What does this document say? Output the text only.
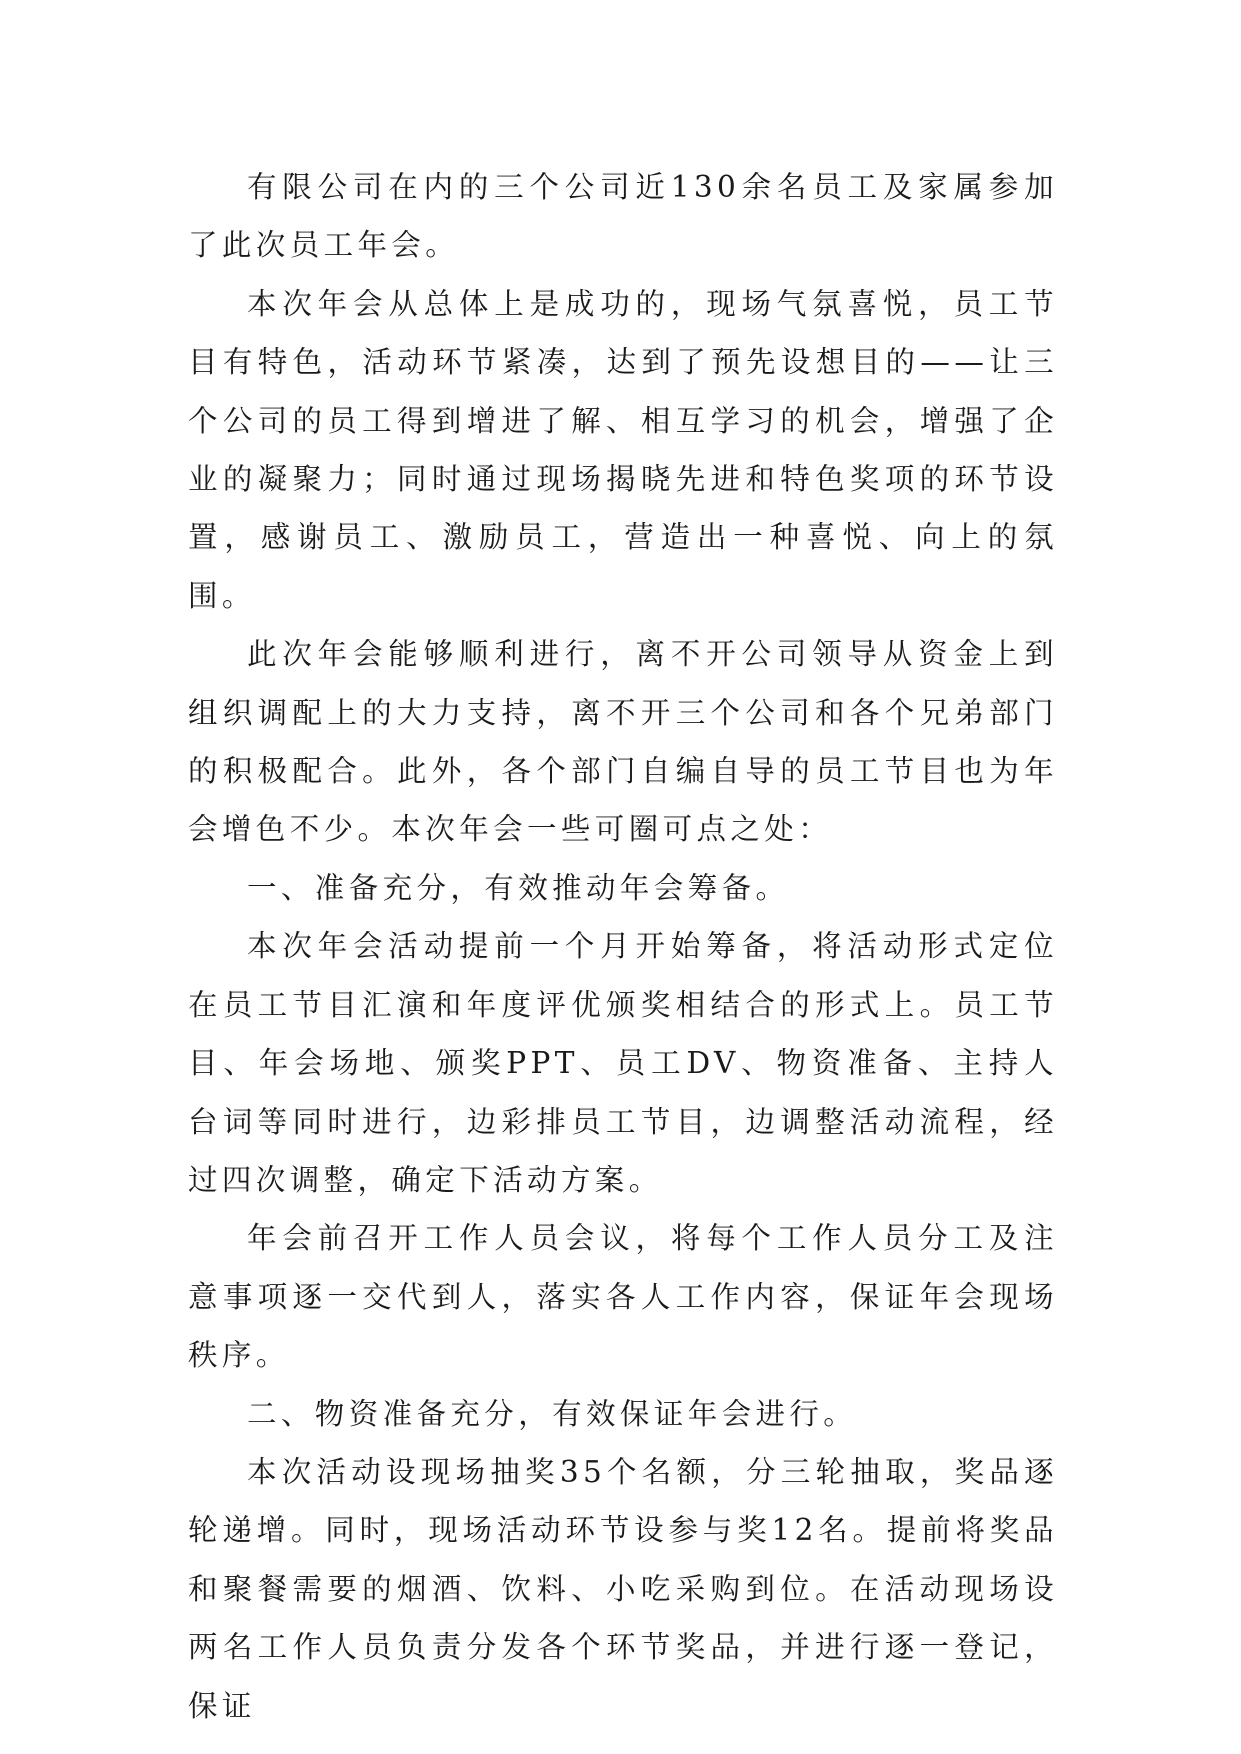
有限公司在内的三个公司近130余名员工及家属参加了此次员工年会。

本次年会从总体上是成功的，现场气氛喜悦，员工节目有特色，活动环节紧凑，达到了预先设想目的——让三个公司的员工得到增进了解、相互学习的机会，增强了企业的凝聚力；同时通过现场揭晓先进和特色奖项的环节设置，感谢员工、激励员工，营造出一种喜悦、向上的氛围。

此次年会能够顺利进行，离不开公司领导从资金上到组织调配上的大力支持，离不开三个公司和各个兄弟部门的积极配合。此外，各个部门自编自导的员工节目也为年会增色不少。本次年会一些可圈可点之处：

一、准备充分，有效推动年会筹备。

本次年会活动提前一个月开始筹备，将活动形式定位在员工节目汇演和年度评优颁奖相结合的形式上。员工节目、年会场地、颁奖PPT、员工DV、物资准备、主持人台词等同时进行，边彩排员工节目，边调整活动流程，经过四次调整，确定下活动方案。

年会前召开工作人员会议，将每个工作人员分工及注意事项逐一交代到人，落实各人工作内容，保证年会现场秩序。

二、物资准备充分，有效保证年会进行。

本次活动设现场抽奖35个名额，分三轮抽取，奖品逐轮递增。同时，现场活动环节设参与奖12名。提前将奖品和聚餐需要的烟酒、饮料、小吃采购到位。在活动现场设两名工作人员负责分发各个环节奖品，并进行逐一登记，保证
